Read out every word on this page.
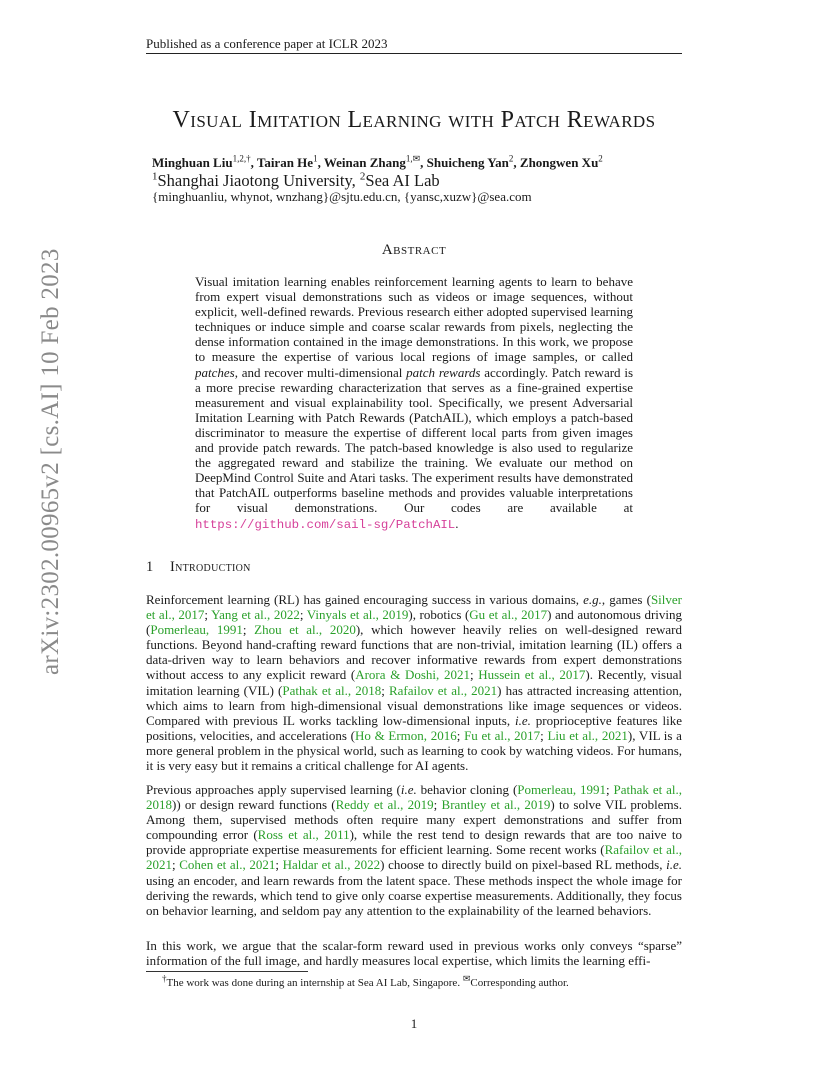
Published as a conference paper at ICLR 2023
arXiv:2302.00965v2 [cs.AI] 10 Feb 2023
Visual Imitation Learning with Patch Rewards
Minghuan Liu$^{1,2,\dagger}$, Tairan He$^1$, Weinan Zhang$^{1,✉}$, Shuicheng Yan$^2$, Zhongwen Xu$^2$
$^1$Shanghai Jiaotong University, $^2$Sea AI Lab
{minghuanliu, whynot, wnzhang}@sjtu.edu.cn, {yansc,xuzw}@sea.com
Abstract
Visual imitation learning enables reinforcement learning agents to learn to behave from expert visual demonstrations such as videos or image sequences, without explicit, well-defined rewards. Previous research either adopted supervised learning techniques or induce simple and coarse scalar rewards from pixels, neglecting the dense information contained in the image demonstrations. In this work, we propose to measure the expertise of various local regions of image samples, or called patches, and recover multi-dimensional patch rewards accordingly. Patch reward is a more precise rewarding characterization that serves as a fine-grained expertise measurement and visual explainability tool. Specifically, we present Adversarial Imitation Learning with Patch Rewards (PatchAIL), which employs a patch-based discriminator to measure the expertise of different local parts from given images and provide patch rewards. The patch-based knowledge is also used to regularize the aggregated reward and stabilize the training. We evaluate our method on DeepMind Control Suite and Atari tasks. The experiment results have demonstrated that PatchAIL outperforms baseline methods and provides valuable interpretations for visual demonstrations. Our codes are available at https://github.com/sail-sg/PatchAIL.
1 Introduction
Reinforcement learning (RL) has gained encouraging success in various domains, e.g., games (Silver et al., 2017; Yang et al., 2022; Vinyals et al., 2019), robotics (Gu et al., 2017) and autonomous driving (Pomerleau, 1991; Zhou et al., 2020), which however heavily relies on well-designed reward functions. Beyond hand-crafting reward functions that are non-trivial, imitation learning (IL) offers a data-driven way to learn behaviors and recover informative rewards from expert demonstrations without access to any explicit reward (Arora & Doshi, 2021; Hussein et al., 2017). Recently, visual imitation learning (VIL) (Pathak et al., 2018; Rafailov et al., 2021) has attracted increasing attention, which aims to learn from high-dimensional visual demonstrations like image sequences or videos. Compared with previous IL works tackling low-dimensional inputs, i.e. proprioceptive features like positions, velocities, and accelerations (Ho & Ermon, 2016; Fu et al., 2017; Liu et al., 2021), VIL is a more general problem in the physical world, such as learning to cook by watching videos. For humans, it is very easy but it remains a critical challenge for AI agents.
Previous approaches apply supervised learning (i.e. behavior cloning (Pomerleau, 1991; Pathak et al., 2018)) or design reward functions (Reddy et al., 2019; Brantley et al., 2019) to solve VIL problems. Among them, supervised methods often require many expert demonstrations and suffer from compounding error (Ross et al., 2011), while the rest tend to design rewards that are too naive to provide appropriate expertise measurements for efficient learning. Some recent works (Rafailov et al., 2021; Cohen et al., 2021; Haldar et al., 2022) choose to directly build on pixel-based RL methods, i.e. using an encoder, and learn rewards from the latent space. These methods inspect the whole image for deriving the rewards, which tend to give only coarse expertise measurements. Additionally, they focus on behavior learning, and seldom pay any attention to the explainability of the learned behaviors.
In this work, we argue that the scalar-form reward used in previous works only conveys “sparse” information of the full image, and hardly measures local expertise, which limits the learning effi-
†The work was done during an internship at Sea AI Lab, Singapore. ✉Corresponding author.
1
